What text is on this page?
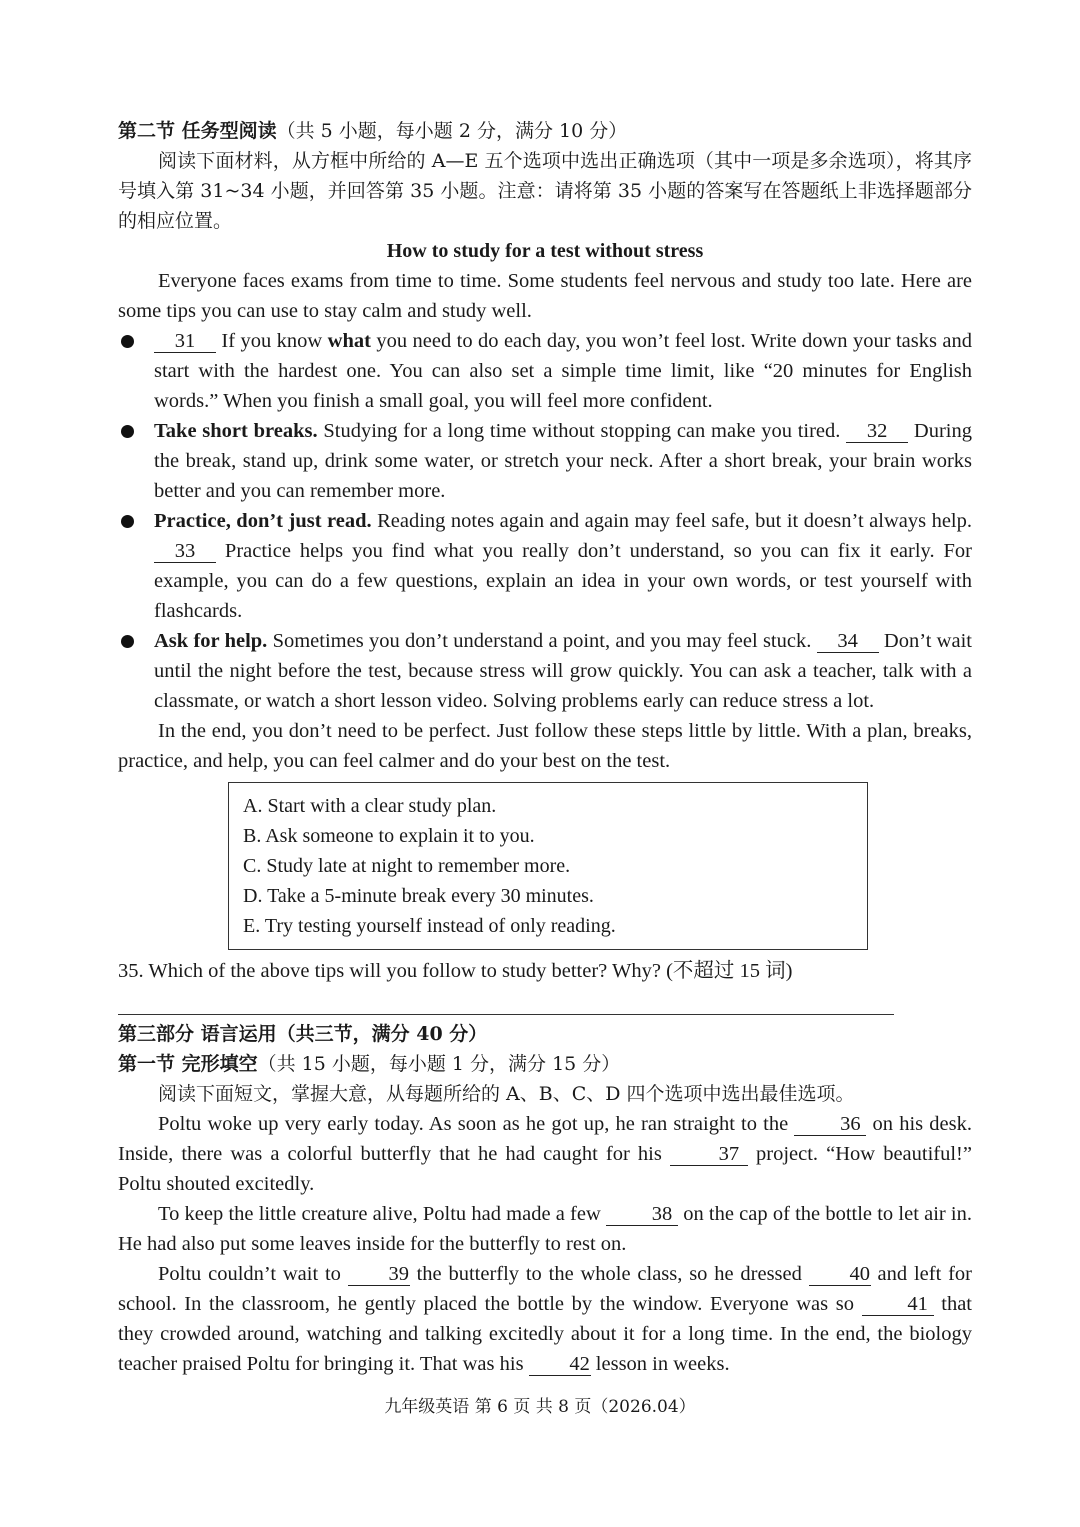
第二节 任务型阅读（共 5 小题，每小题 2 分，满分 10 分）

阅读下面材料，从方框中所给的 A—E 五个选项中选出正确选项（其中一项是多余选项），将其序号填入第 31~34 小题，并回答第 35 小题。注意：请将第 35 小题的答案写在答题纸上非选择题部分的相应位置。

How to study for a test without stress

Everyone faces exams from time to time. Some students feel nervous and study too late. Here are some tips you can use to stay calm and study well.

31 If you know what you need to do each day, you won’t feel lost. Write down your tasks and start with the hardest one. You can also set a simple time limit, like “20 minutes for English words.” When you finish a small goal, you will feel more confident.

Take short breaks. Studying for a long time without stopping can make you tired. 32 During the break, stand up, drink some water, or stretch your neck. After a short break, your brain works better and you can remember more.

Practice, don’t just read. Reading notes again and again may feel safe, but it doesn’t always help. 33 Practice helps you find what you really don’t understand, so you can fix it early. For example, you can do a few questions, explain an idea in your own words, or test yourself with flashcards.

Ask for help. Sometimes you don’t understand a point, and you may feel stuck. 34 Don’t wait until the night before the test, because stress will grow quickly. You can ask a teacher, talk with a classmate, or watch a short lesson video. Solving problems early can reduce stress a lot.

In the end, you don’t need to be perfect. Just follow these steps little by little. With a plan, breaks, practice, and help, you can feel calmer and do your best on the test.

A. Start with a clear study plan.

B. Ask someone to explain it to you.

C. Study late at night to remember more.

D. Take a 5-minute break every 30 minutes.

E. Try testing yourself instead of only reading.

35. Which of the above tips will you follow to study better? Why? (不超过 15 词)

第三部分 语言运用（共三节，满分 40 分）

第一节 完形填空（共 15 小题，每小题 1 分，满分 15 分）

阅读下面短文，掌握大意，从每题所给的 A、B、C、D 四个选项中选出最佳选项。

Poltu woke up very early today. As soon as he got up, he ran straight to the 36 on his desk. Inside, there was a colorful butterfly that he had caught for his 37 project. “How beautiful!” Poltu shouted excitedly.

To keep the little creature alive, Poltu had made a few 38 on the cap of the bottle to let air in. He had also put some leaves inside for the butterfly to rest on.

Poltu couldn’t wait to 39 the butterfly to the whole class, so he dressed 40 and left for school. In the classroom, he gently placed the bottle by the window. Everyone was so 41 that they crowded around, watching and talking excitedly about it for a long time. In the end, the biology teacher praised Poltu for bringing it. That was his 42 lesson in weeks.

九年级英语 第 6 页 共 8 页（2026.04）
